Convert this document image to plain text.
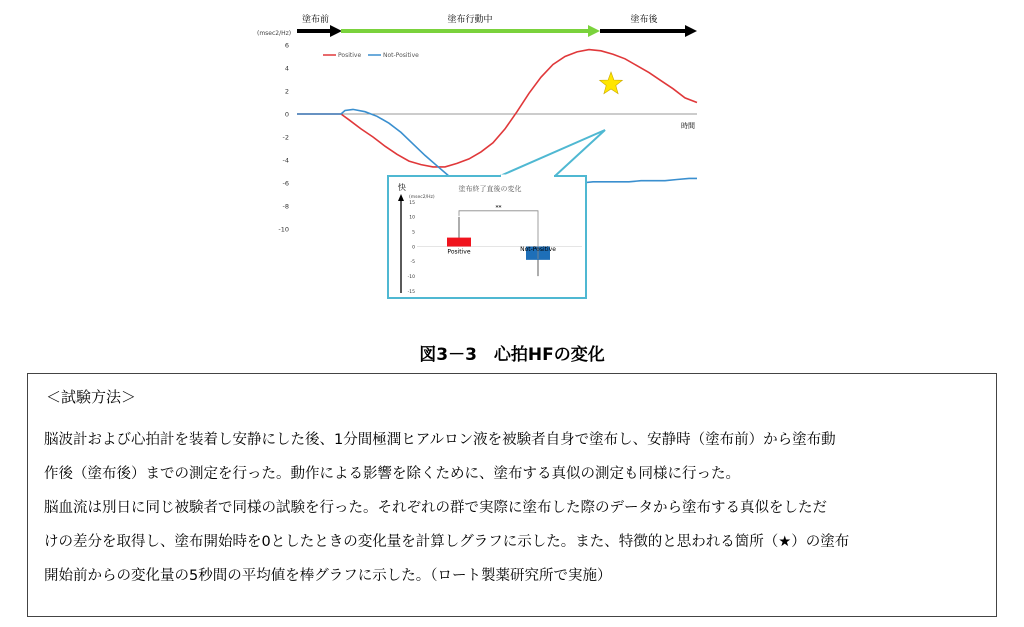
塗布前	塗布行動中	塗布後
(msec2/Hz)
6
4
2
0
-2
-4
-6
-8
-10
時間
Positive	Not-Positive
塗布終了直後の変化
快
(msec2/Hz)
15
10
5
0
-5
-10
-15
Positive	Not-Positive
**
図3－3　心拍HFの変化
＜試験方法＞
脳波計および心拍計を装着し安静にした後、1分間極潤ヒアルロン液を被験者自身で塗布し、安静時（塗布前）から塗布動
作後（塗布後）までの測定を行った。動作による影響を除くために、塗布する真似の測定も同様に行った。
脳血流は別日に同じ被験者で同様の試験を行った。それぞれの群で実際に塗布した際のデータから塗布する真似をしただ
けの差分を取得し、塗布開始時を0としたときの変化量を計算しグラフに示した。また、特徴的と思われる箇所（★）の塗布
開始前からの変化量の5秒間の平均値を棒グラフに示した。（ロート製薬研究所で実施）
